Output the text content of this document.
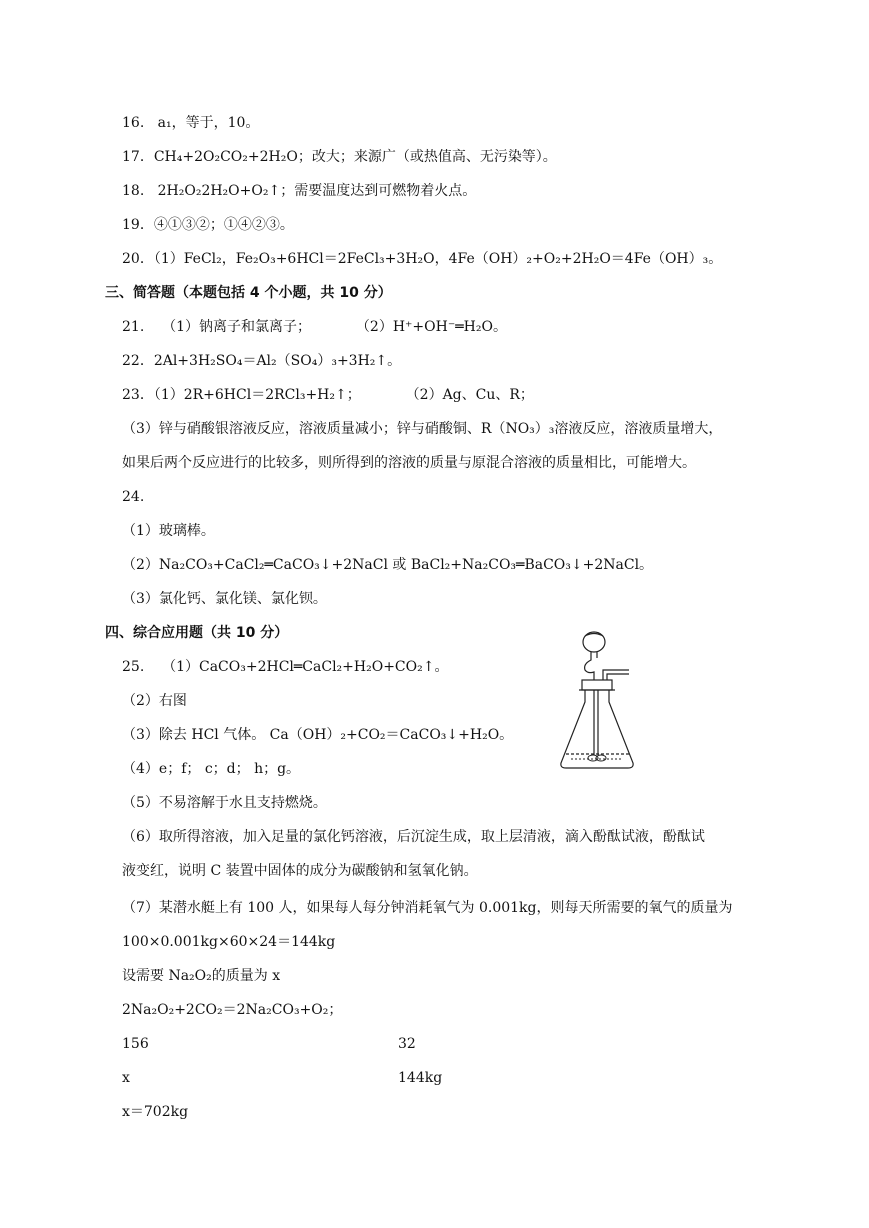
16. a₁，等于，10。
17．CH₄+2O₂CO₂+2H₂O；改大；来源广（或热值高、无污染等）。
18. 2H₂O₂2H₂O+O₂↑；需要温度达到可燃物着火点。
19．④①③②；①④②③。
20．（1）FeCl₂，Fe₂O₃+6HCl＝2FeCl₃+3H₂O，4Fe（OH）₂+O₂+2H₂O＝4Fe（OH）₃。
三、简答题（本题包括 4 个小题，共 10 分）
21. （1）钠离子和氯离子；	（2）H⁺+OH⁻═H₂O。
22．2Al+3H₂SO₄＝Al₂（SO₄）₃+3H₂↑。
23．（1）2R+6HCl＝2RCl₃+H₂↑；	（2）Ag、Cu、R；
（3）锌与硝酸银溶液反应，溶液质量减小；锌与硝酸铜、R（NO₃）₃溶液反应，溶液质量增大，
如果后两个反应进行的比较多，则所得到的溶液的质量与原混合溶液的质量相比，可能增大。
24.
（1）玻璃棒。
（2）Na₂CO₃+CaCl₂═CaCO₃↓+2NaCl 或 BaCl₂+Na₂CO₃═BaCO₃↓+2NaCl。
（3）氯化钙、氯化镁、氯化钡。
四、综合应用题（共 10 分）
25. （1）CaCO₃+2HCl═CaCl₂+H₂O+CO₂↑。
（2）右图
（3）除去 HCl 气体。 Ca（OH）₂+CO₂＝CaCO₃↓+H₂O。
（4）e；f； c；d； h；g。
（5）不易溶解于水且支持燃烧。
（6）取所得溶液，加入足量的氯化钙溶液，后沉淀生成，取上层清液，滴入酚酞试液，酚酞试
液变红，说明 C 装置中固体的成分为碳酸钠和氢氧化钠。
（7）某潜水艇上有 100 人，如果每人每分钟消耗氧气为 0.001kg，则每天所需要的氧气的质量为
100×0.001kg×60×24＝144kg
设需要 Na₂O₂的质量为 x
2Na₂O₂+2CO₂＝2Na₂CO₃+O₂；
156	32
x	144kg
x＝702kg
